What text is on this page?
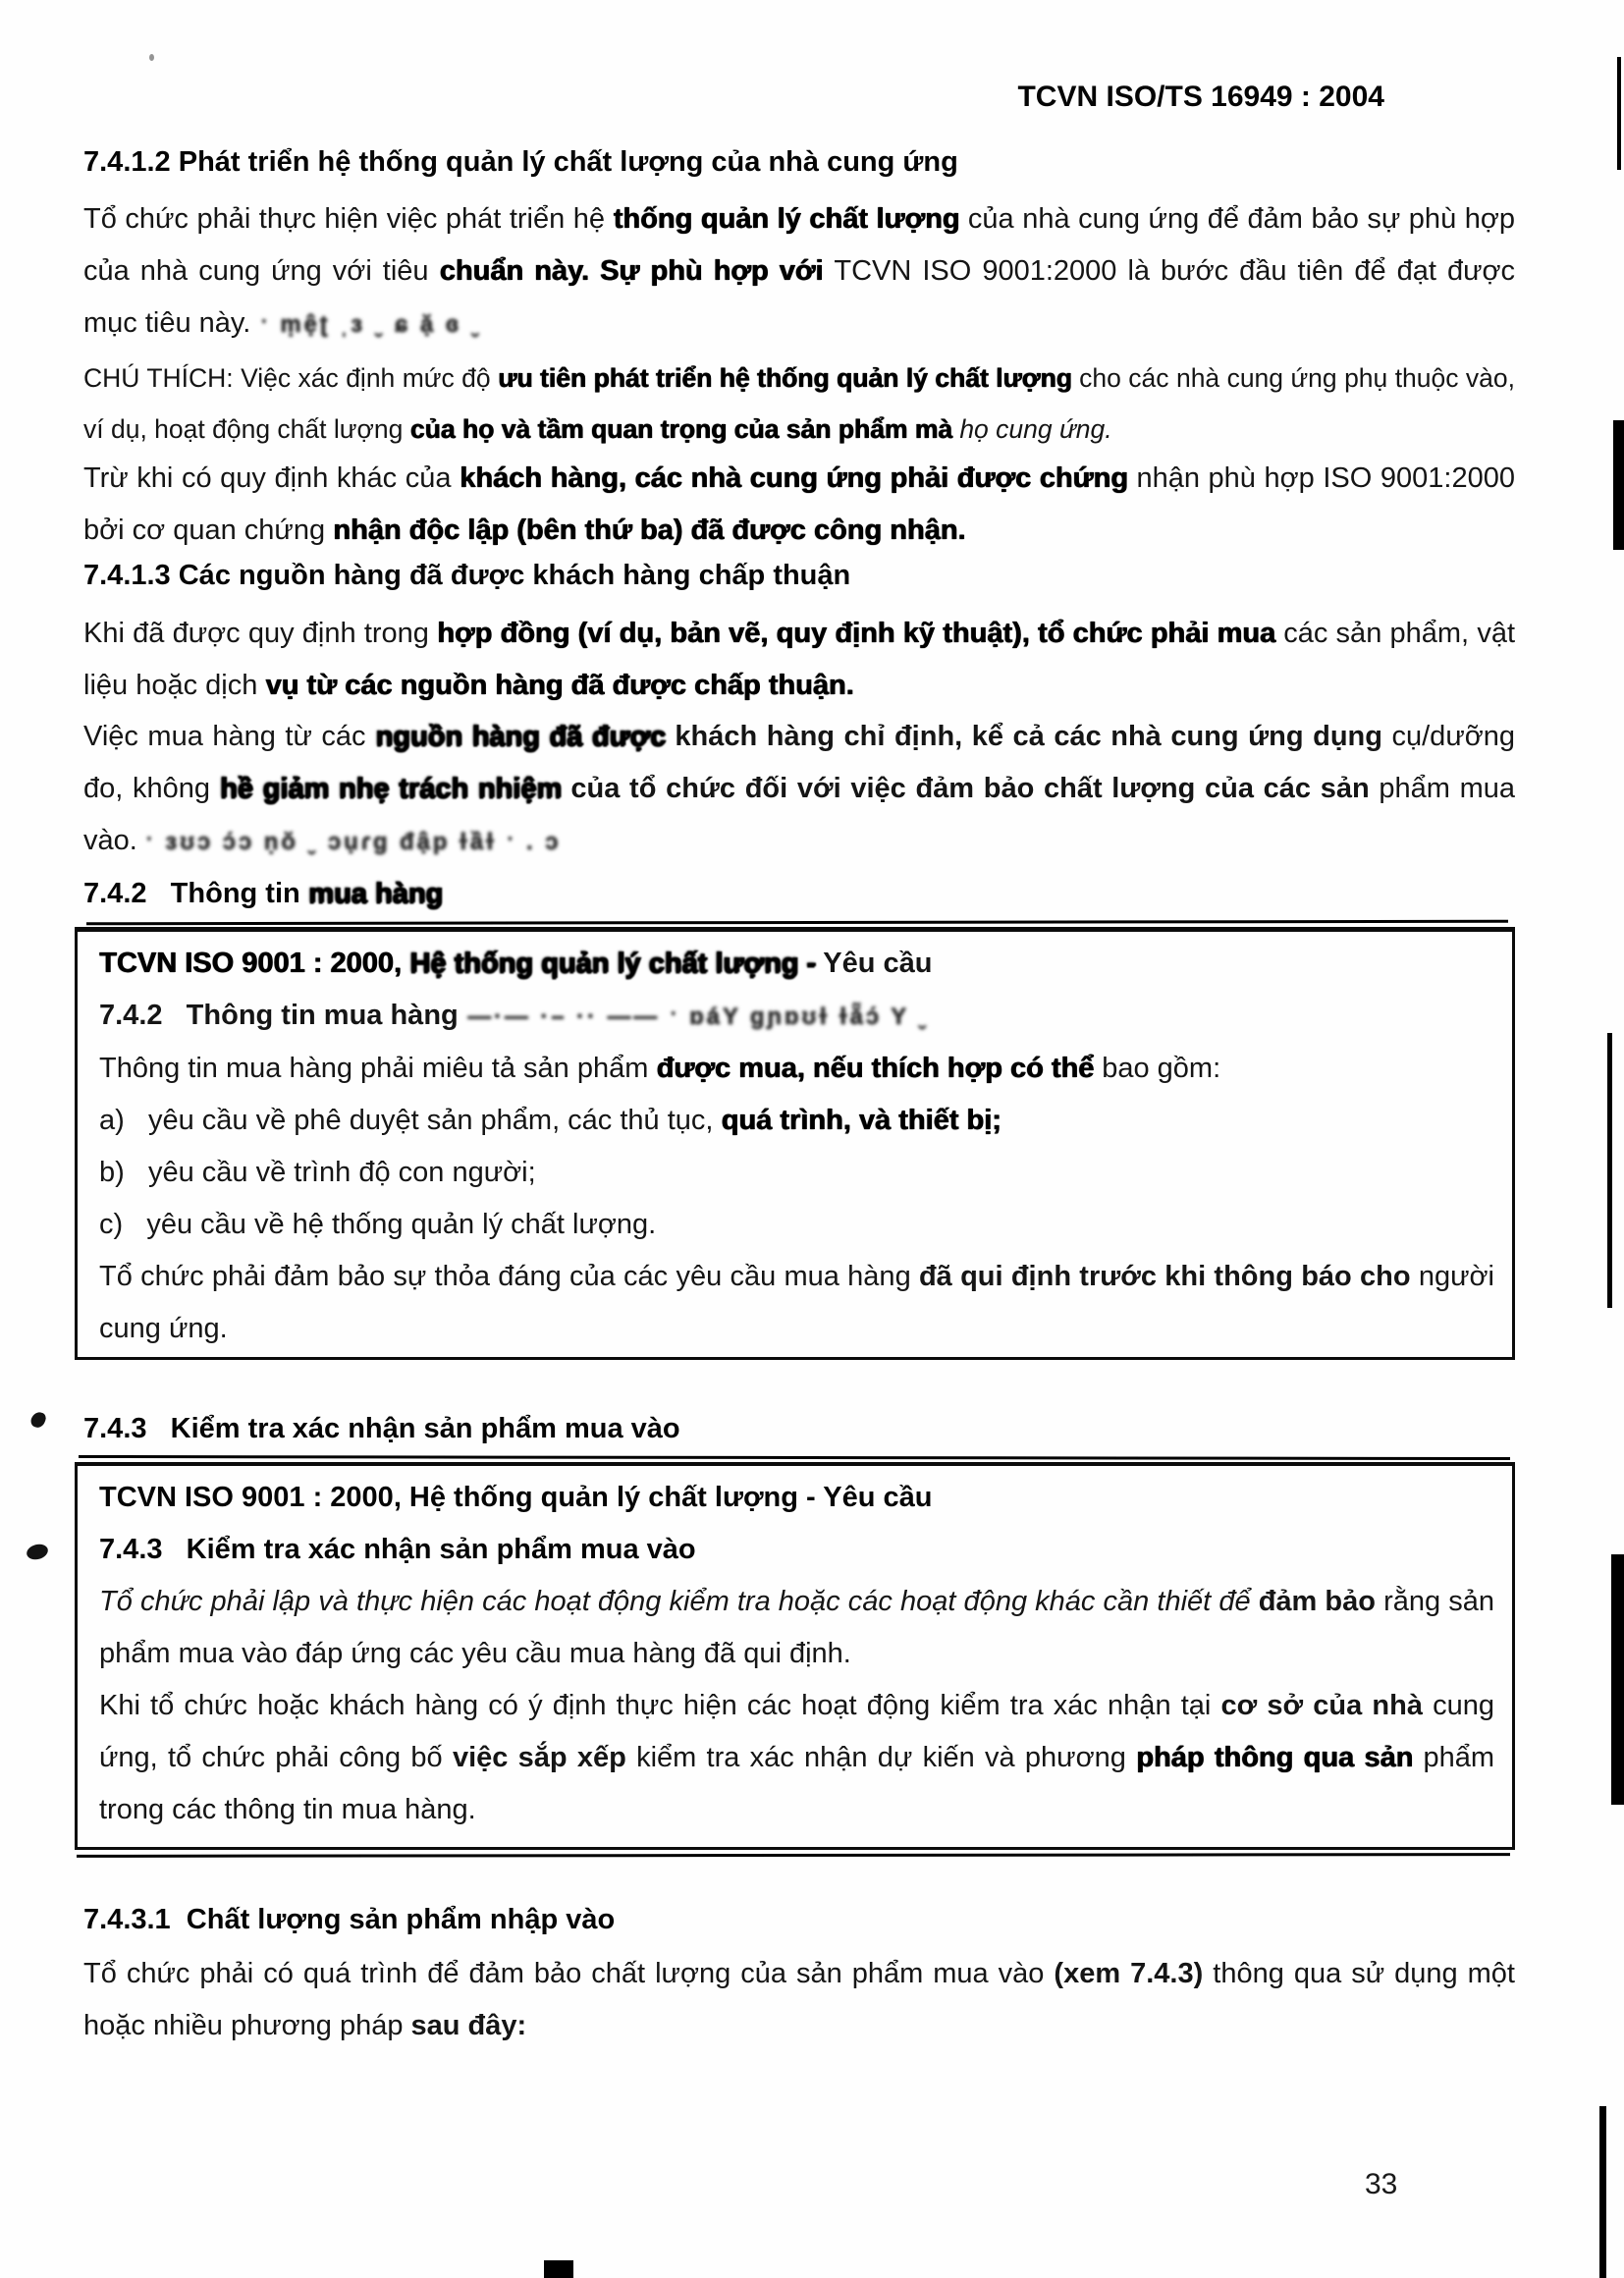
TCVN ISO/TS 16949 : 2004

7.4.1.2 Phát triển hệ thống quản lý chất lượng của nhà cung ứng

Tổ chức phải thực hiện việc phát triển hệ thống quản lý chất lượng của nhà cung ứng để đảm bảo sự phù hợp của nhà cung ứng với tiêu chuẩn này. Sự phù hợp với TCVN ISO 9001:2000 là bước đầu tiên để đạt được mục tiêu này. ˑ ṃệʈ ˌɜ ˬ ɕ ặ ɞ ˬ

CHÚ THÍCH: Việc xác định mức độ ưu tiên phát triển hệ thống quản lý chất lượng cho các nhà cung ứng phụ thuộc vào, ví dụ, hoạt động chất lượng của họ và tầm quan trọng của sản phẩm mà họ cung ứng.

Trừ khi có quy định khác của khách hàng, các nhà cung ứng phải được chứng nhận phù hợp ISO 9001:2000 bởi cơ quan chứng nhận độc lập (bên thứ ba) đã được công nhận.

7.4.1.3 Các nguồn hàng đã được khách hàng chấp thuận

Khi đã được quy định trong hợp đồng (ví dụ, bản vẽ, quy định kỹ thuật), tổ chức phải mua các sản phẩm, vật liệu hoặc dịch vụ từ các nguồn hàng đã được chấp thuận.

Việc mua hàng từ các nguồn hàng đã được khách hàng chỉ định, kể cả các nhà cung ứng dụng cụ/dưỡng đo, không hề giảm nhẹ trách nhiệm của tổ chức đối với việc đảm bảo chất lượng của các sản phẩm mua vào. ˑ ɜʊɔ ɔ́ɔ ṇŏ ˬ ɔụɾɡ đập ɫầɫ ˑ . ɔ

7.4.2   Thông tin mua hàng

TCVN ISO 9001 : 2000, Hệ thống quản lý chất lượng - Yêu cầu

7.4.2   Thông tin mua hàng —·— ·– ·· —— ˑ ɒáY ɡɲɒʊɫ ɫẵɔ́ Y ˬ

Thông tin mua hàng phải miêu tả sản phẩm được mua, nếu thích hợp có thể bao gồm:

a)   yêu cầu về phê duyệt sản phẩm, các thủ tục, quá trình, và thiết bị;

b)   yêu cầu về trình độ con người;

c)   yêu cầu về hệ thống quản lý chất lượng.

Tổ chức phải đảm bảo sự thỏa đáng của các yêu cầu mua hàng đã qui định trước khi thông báo cho người cung ứng.

7.4.3   Kiểm tra xác nhận sản phẩm mua vào

TCVN ISO 9001 : 2000, Hệ thống quản lý chất lượng - Yêu cầu

7.4.3   Kiểm tra xác nhận sản phẩm mua vào

Tổ chức phải lập và thực hiện các hoạt động kiểm tra hoặc các hoạt động khác cần thiết để đảm bảo rằng sản phẩm mua vào đáp ứng các yêu cầu mua hàng đã qui định.

Khi tổ chức hoặc khách hàng có ý định thực hiện các hoạt động kiểm tra xác nhận tại cơ sở của nhà cung ứng, tổ chức phải công bố việc sắp xếp kiểm tra xác nhận dự kiến và phương pháp thông qua sản phẩm trong các thông tin mua hàng.

7.4.3.1  Chất lượng sản phẩm nhập vào

Tổ chức phải có quá trình để đảm bảo chất lượng của sản phẩm mua vào (xem 7.4.3) thông qua sử dụng một hoặc nhiều phương pháp sau đây:

33
